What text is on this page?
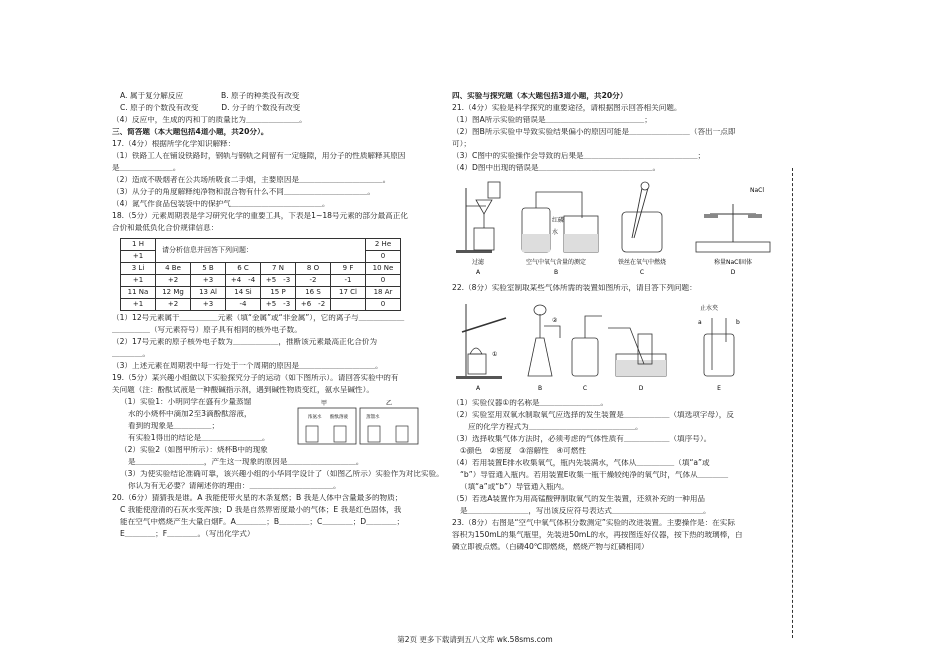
A. 属于复分解反应　　　　　B. 原子的种类没有改变
C. 原子的个数没有改变　　　D. 分子的个数没有改变
（4）反应中，生成的丙和丁的质量比为＿＿＿＿＿＿＿。
三、简答题（本大题包括4道小题，共20分）。
17.（4分）根据所学化学知识解释：
（1）铁路工人在铺设铁路时，钢轨与钢轨之间留有一定缝隙，用分子的性质解释其原因
是＿＿＿＿＿＿＿。
（2）造成不吸烟者在公共场所吸食二手烟，主要原因是＿＿＿＿＿＿＿＿＿＿＿。
（3）从分子的角度解释纯净物和混合物有什么不同＿＿＿＿＿＿＿＿＿＿＿。
（4）氮气作食品包装袋中的保护气＿＿＿＿＿＿＿＿＿＿＿＿。
18.（5分）元素周期表是学习研究化学的重要工具，下表是1~18号元素的部分最高正化
合价和最低负化合价规律信息：
1 H	请分析信息并回答下列问题：						2 He
+1							0
3 Li	4 Be	5 B	6 C	7 N	8 O	9 F	10 Ne
+1	+2	+3	+4　-4	+5　-3	-2	-1	0
11 Na	12 Mg	13 Al	14 Si	15 P	16 S	17 Cl	18 Ar
+1	+2	+3	-4	+5　-3	+6　-2		0
（1）12号元素属于＿＿＿＿＿元素（填“金属”或“非金属”），它的离子与＿＿＿＿＿＿
＿＿＿＿＿（写元素符号）原子具有相同的核外电子数。
（2）17号元素的原子核外电子数为＿＿＿＿＿＿，推断该元素最高正化合价为
＿＿＿＿。
（3）上述元素在周期表中每一行处于一个周期的原因是＿＿＿＿＿＿＿＿＿＿。
19.（5分）某兴趣小组做以下实验探究分子的运动（如下图所示）。请回答实验中的有
关问题（注：酚酞试液是一种酸碱指示剂，遇到碱性物质变红，氨水呈碱性）。
（1）实验1：小明同学在盛有少量蒸馏
水的小烧杯中滴加2至3滴酚酞溶液，
看到的现象是＿＿＿＿＿；
有实验1得出的结论是＿＿＿＿＿＿＿＿。
甲	乙
浓氨水 酚酞溶液	蒸馏水
（2）实验2（如图甲所示）：烧杯B中的现象
是＿＿＿＿＿＿＿＿＿，产生这一现象的原因是＿＿＿＿＿＿＿＿＿。
（3）为使实验结论准确可靠，该兴趣小组的小华同学设计了（如图乙所示）实验作为对比实验。
你认为有无必要？请阐述你的理由：＿＿＿＿＿＿＿＿＿＿＿。
20.（6分）猜猜我是谁。A 我能使带火星的木条复燃；B 我是人体中含量最多的物质；
C 我能使澄清的石灰水变浑浊；D 我是自然界密度最小的气体；E 我是红色固体，我
能在空气中燃烧产生大量白烟F。A＿＿＿＿；B＿＿＿＿；C＿＿＿＿；D＿＿＿＿；
E＿＿＿＿；F＿＿＿＿。（写出化学式）
四、实验与探究题（本大题包括3道小题，共20分）
21.（4分）实验是科学探究的重要途径，请根据图示回答相关问题。
（1）图A所示实验的错误是＿＿＿＿＿＿＿＿＿＿＿＿＿；
（2）图B所示实验中导致实验结果偏小的原因可能是＿＿＿＿＿＿＿＿（答出一点即
可）；
（3）C图中的实验操作会导致的后果是＿＿＿＿＿＿＿＿＿＿＿＿＿＿＿；
（4）D图中出现的错误是＿＿＿＿＿＿＿＿＿＿＿＿＿＿＿。
红磷
水
NaCl
过滤	空气中氧气含量的测定	铁丝在氧气中燃烧	称量NaCl固体
A	B	C	D
22.（8分）实验室制取某些气体所需的装置如图所示，请目答下列问题：
①
②
止水夹
a	b
A	B	C	D	E
（1）实验仪器①的名称是＿＿＿＿＿＿＿＿。
（2）实验室用双氧水制取氧气应选择的发生装置是＿＿＿＿＿＿（填选项字母），反
应的化学方程式为＿＿＿＿＿＿＿＿＿＿＿＿＿＿。
（3）选择收集气体方法时，必须考虑的气体性质有＿＿＿＿＿＿（填序号）。
①颜色　②密度　③溶解性　④可燃性
（4）若用装置E排水收集氧气，瓶内先装满水，气体从＿＿＿＿＿（填“a”或
“b”）导管通入瓶内。若用装置E收集一瓶干燥较纯净的氧气时，气体从＿＿＿＿
（填“a”或“b”）导管通入瓶内。
（5）若选A装置作为用高锰酸钾制取氧气的发生装置，还须补充的一种用品
是＿＿＿＿＿＿＿＿，写出该反应符号表达式＿＿＿＿＿＿＿＿＿＿＿＿。
23.（8分）右图是“空气中氧气体积分数测定”实验的改进装置。主要操作是：在实际
容积为150mL的集气瓶里，先装进50mL的水，再按图连好仪器，按下热的玻璃棒，白
磷立即被点燃。（白磷40℃即燃烧，燃烧产物与红磷相同）
第2页 更多下载请到五八文库 wk.58sms.com
